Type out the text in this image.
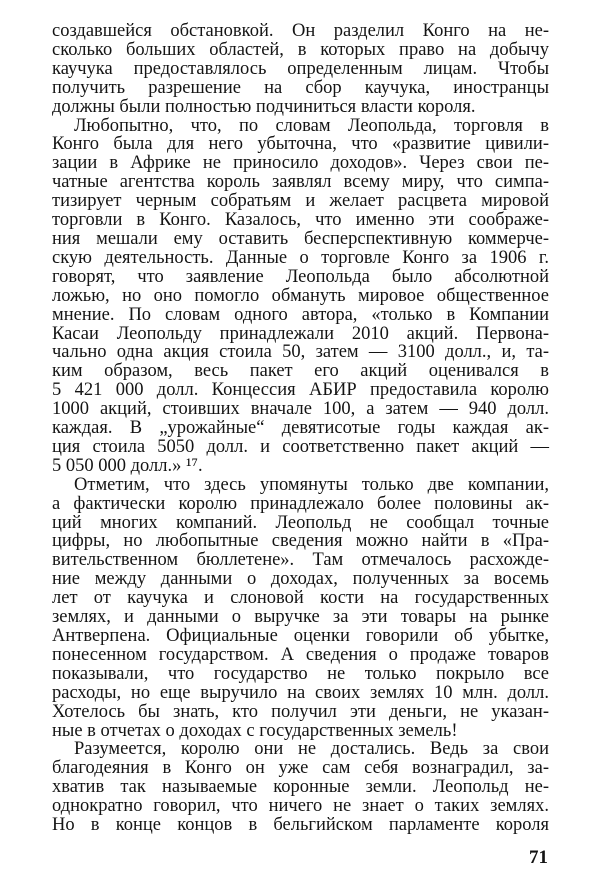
создавшейся обстановкой. Он разделил Конго на не-
сколько больших областей, в которых право на добычу
каучука предоставлялось определенным лицам. Чтобы
получить разрешение на сбор каучука, иностранцы
должны были полностью подчиниться власти короля.
Любопытно, что, по словам Леопольда, торговля в
Конго была для него убыточна, что «развитие цивили-
зации в Африке не приносило доходов». Через свои пе-
чатные агентства король заявлял всему миру, что симпа-
тизирует черным собратьям и желает расцвета мировой
торговли в Конго. Казалось, что именно эти соображе-
ния мешали ему оставить бесперспективную коммерче-
скую деятельность. Данные о торговле Конго за 1906 г.
говорят, что заявление Леопольда было абсолютной
ложью, но оно помогло обмануть мировое общественное
мнение. По словам одного автора, «только в Компании
Касаи Леопольду принадлежали 2010 акций. Первона-
чально одна акция стоила 50, затем — 3100 долл., и, та-
ким образом, весь пакет его акций оценивался в
5 421 000 долл. Концессия АБИР предоставила королю
1000 акций, стоивших вначале 100, а затем — 940 долл.
каждая. В „урожайные“ девятисотые годы каждая ак-
ция стоила 5050 долл. и соответственно пакет акций —
5 050 000 долл.» ¹⁷.
Отметим, что здесь упомянуты только две компании,
а фактически королю принадлежало более половины ак-
ций многих компаний. Леопольд не сообщал точные
цифры, но любопытные сведения можно найти в «Пра-
вительственном бюллетене». Там отмечалось расхожде-
ние между данными о доходах, полученных за восемь
лет от каучука и слоновой кости на государственных
землях, и данными о выручке за эти товары на рынке
Антверпена. Официальные оценки говорили об убытке,
понесенном государством. А сведения о продаже товаров
показывали, что государство не только покрыло все
расходы, но еще выручило на своих землях 10 млн. долл.
Хотелось бы знать, кто получил эти деньги, не указан-
ные в отчетах о доходах с государственных земель!
Разумеется, королю они не достались. Ведь за свои
благодеяния в Конго он уже сам себя вознаградил, за-
хватив так называемые коронные земли. Леопольд не-
однократно говорил, что ничего не знает о таких землях.
Но в конце концов в бельгийском парламенте короля
71
